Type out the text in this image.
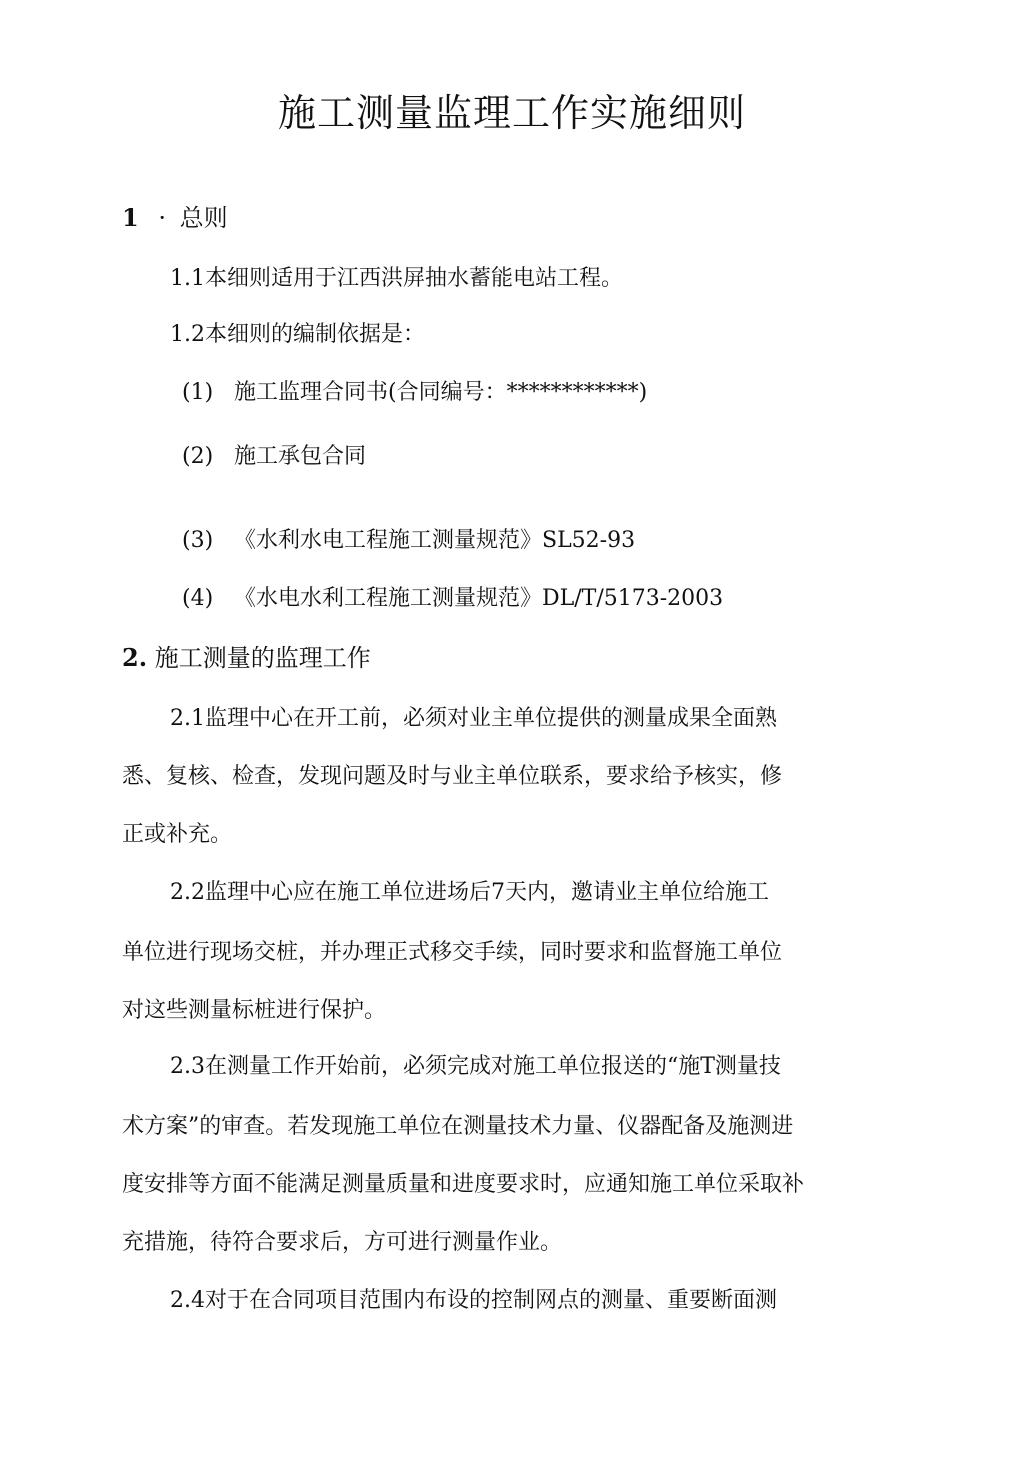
施工测量监理工作实施细则
1 · 总则
1.1本细则适用于江西洪屏抽水蓄能电站工程。
1.2本细则的编制依据是：
(1) 施工监理合同书(合同编号：************)
(2) 施工承包合同
(3) 《水利水电工程施工测量规范》SL52-93
(4) 《水电水利工程施工测量规范》DL/T/5173-2003
2. 施工测量的监理工作
2.1监理中心在开工前，必须对业主单位提供的测量成果全面熟
悉、复核、检查，发现问题及时与业主单位联系，要求给予核实，修
正或补充。
2.2监理中心应在施工单位进场后7天内，邀请业主单位给施工
单位进行现场交桩，并办理正式移交手续，同时要求和监督施工单位
对这些测量标桩进行保护。
2.3在测量工作开始前，必须完成对施工单位报送的“施T测量技
术方案”的审查。若发现施工单位在测量技术力量、仪器配备及施测进
度安排等方面不能满足测量质量和进度要求时，应通知施工单位采取补
充措施，待符合要求后，方可进行测量作业。
2.4对于在合同项目范围内布设的控制网点的测量、重要断面测
